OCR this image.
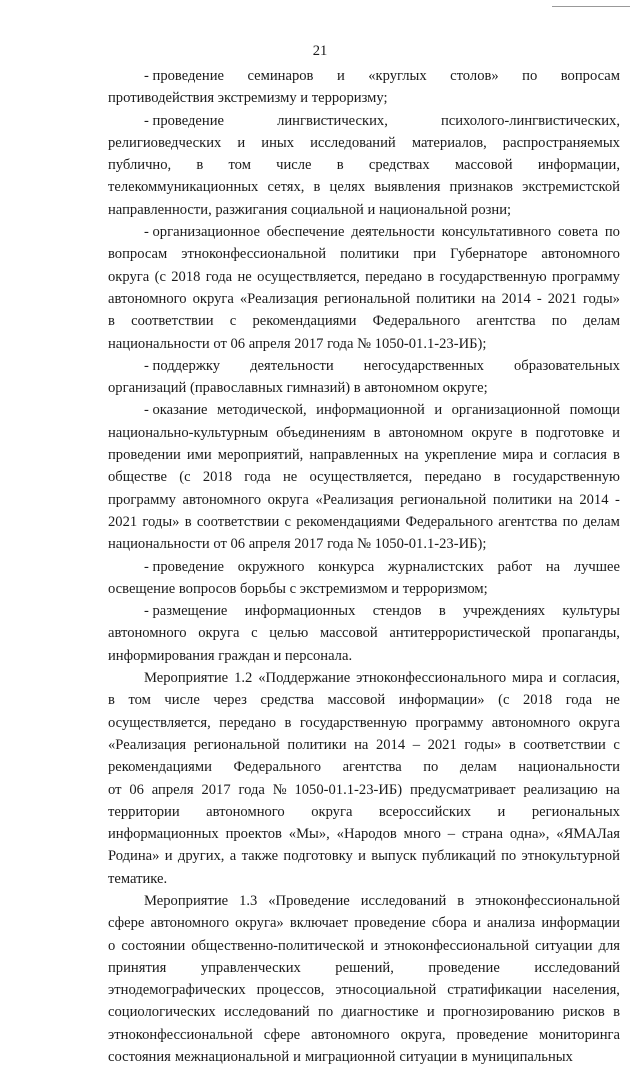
21
- проведение семинаров и «круглых столов» по вопросам
противодействия экстремизму и терроризму;
- проведение	лингвистических,	психолого-лингвистических,
религиоведческих и иных исследований материалов, распространяемых
публично, в том числе в средствах массовой информации,
телекоммуникационных сетях, в целях выявления признаков экстремистской
направленности, разжигания социальной и национальной розни;
- организационное обеспечение деятельности консультативного совета по
вопросам этноконфессиональной политики при Губернаторе автономного
округа (с 2018 года не осуществляется, передано в государственную программу
автономного округа «Реализация региональной политики на 2014 - 2021 годы»
в соответствии с рекомендациями Федерального агентства по делам
национальности от 06 апреля 2017 года № 1050-01.1-23-ИБ);
- поддержку деятельности негосударственных образовательных
организаций (православных гимназий) в автономном округе;
- оказание методической, информационной и организационной помощи
национально-культурным объединениям в автономном округе в подготовке и
проведении ими мероприятий, направленных на укрепление мира и согласия в
обществе (с 2018 года не осуществляется, передано в государственную
программу автономного округа «Реализация региональной политики на 2014 -
2021 годы» в соответствии с рекомендациями Федерального агентства по делам
национальности от 06 апреля 2017 года № 1050-01.1-23-ИБ);
- проведение окружного конкурса журналистских работ на лучшее
освещение вопросов борьбы с экстремизмом и терроризмом;
- размещение информационных стендов в учреждениях культуры
автономного округа с целью массовой антитеррористической пропаганды,
информирования граждан и персонала.
Мероприятие 1.2 «Поддержание этноконфессионального мира и согласия,
в том числе через средства массовой информации» (с 2018 года не
осуществляется, передано в государственную программу автономного округа
«Реализация региональной политики на 2014 – 2021 годы» в соответствии с
рекомендациями Федерального агентства по делам национальности
от 06 апреля 2017 года № 1050-01.1-23-ИБ) предусматривает реализацию на
территории автономного округа всероссийских и региональных
информационных проектов «Мы», «Народов много – страна одна», «ЯМАЛая
Родина» и других, а также подготовку и выпуск публикаций по этнокультурной
тематике.
Мероприятие 1.3 «Проведение исследований в этноконфессиональной
сфере автономного округа» включает проведение сбора и анализа информации
о состоянии общественно-политической и этноконфессиональной ситуации для
принятия управленческих решений, проведение исследований
этнодемографических процессов, этносоциальной стратификации населения,
социологических исследований по диагностике и прогнозированию рисков в
этноконфессиональной сфере автономного округа, проведение мониторинга
состояния межнациональной и миграционной ситуации в муниципальных
